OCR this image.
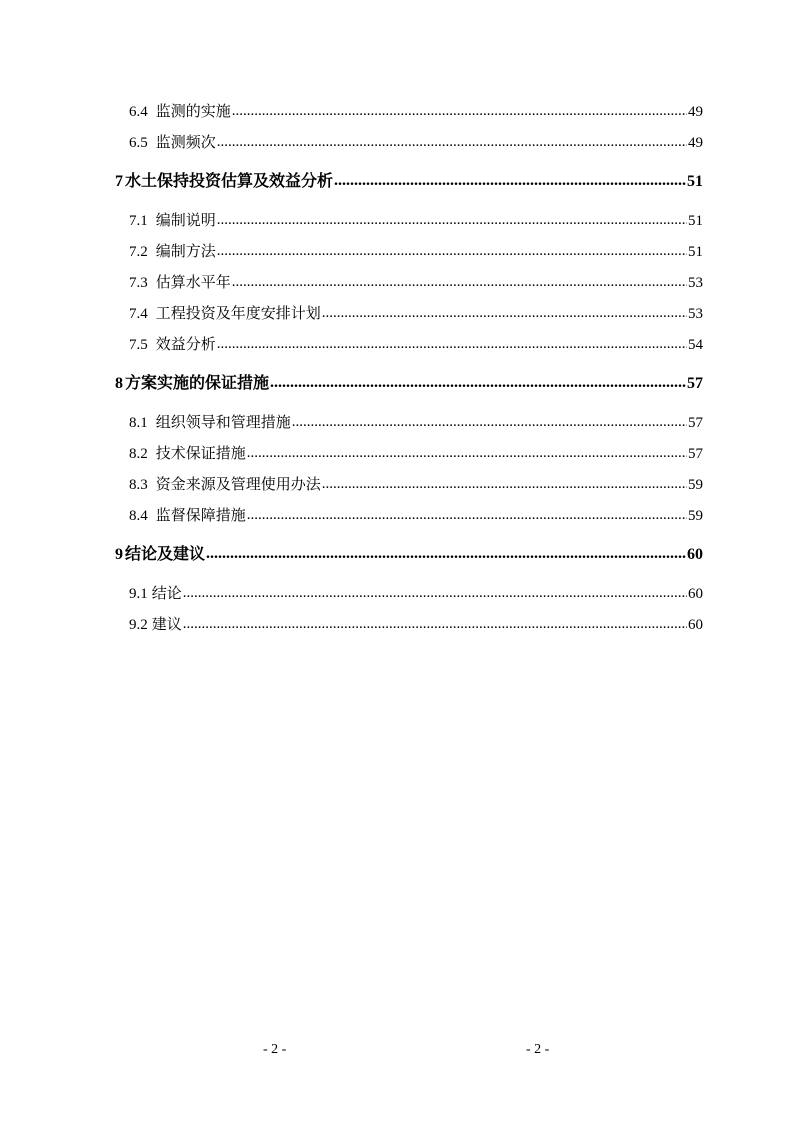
6.4 监测的实施 .....	49
6.5 监测频次 .....	49
7 水土保持投资估算及效益分析 .....	51
7.1 编制说明 .....	51
7.2 编制方法 .....	51
7.3 估算水平年 .....	53
7.4 工程投资及年度安排计划 .....	53
7.5 效益分析 .....	54
8 方案实施的保证措施 .....	57
8.1 组织领导和管理措施 .....	57
8.2 技术保证措施 .....	57
8.3 资金来源及管理使用办法 .....	59
8.4 监督保障措施 .....	59
9 结论及建议 .....	60
9.1 结论 .....	60
9.2 建议 .....	60
- 2 -	- 2 -
